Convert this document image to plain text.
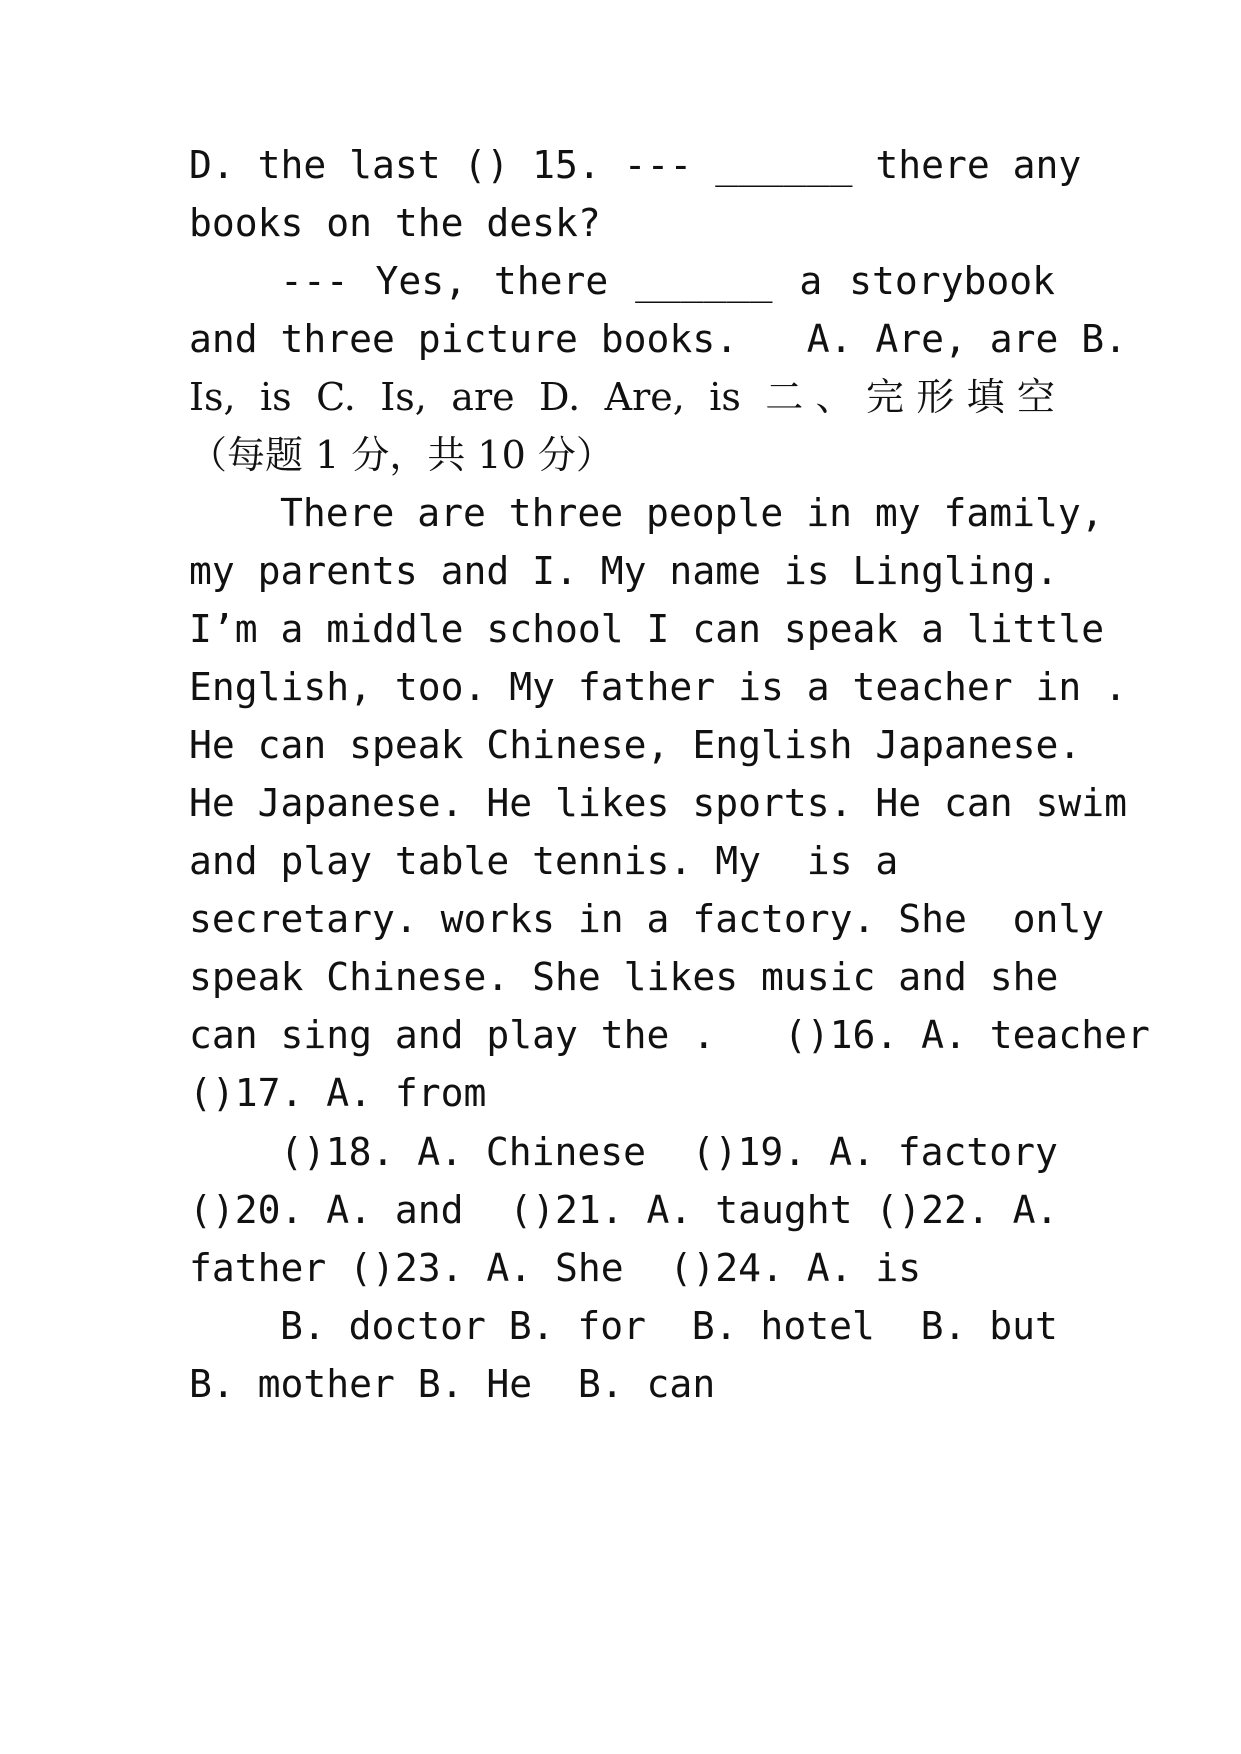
D. the last () 15. --- ______ there any
books on the desk?
--- Yes, there ______ a storybook
and three picture books.   A. Are, are B.
Is, is C. Is, are D. Are, is 二、完形填空
（每题 1 分，共 10 分）
There are three people in my family,
my parents and I. My name is Lingling.
I’m a middle school I can speak a little
English, too. My father is a teacher in .
He can speak Chinese, English Japanese.
He Japanese. He likes sports. He can swim
and play table tennis. My  is a
secretary. works in a factory. She  only
speak Chinese. She likes music and she
can sing and play the .   ()16. A. teacher
()17. A. from
()18. A. Chinese  ()19. A. factory
()20. A. and  ()21. A. taught ()22. A.
father ()23. A. She  ()24. A. is
B. doctor B. for  B. hotel  B. but
B. mother B. He  B. can
